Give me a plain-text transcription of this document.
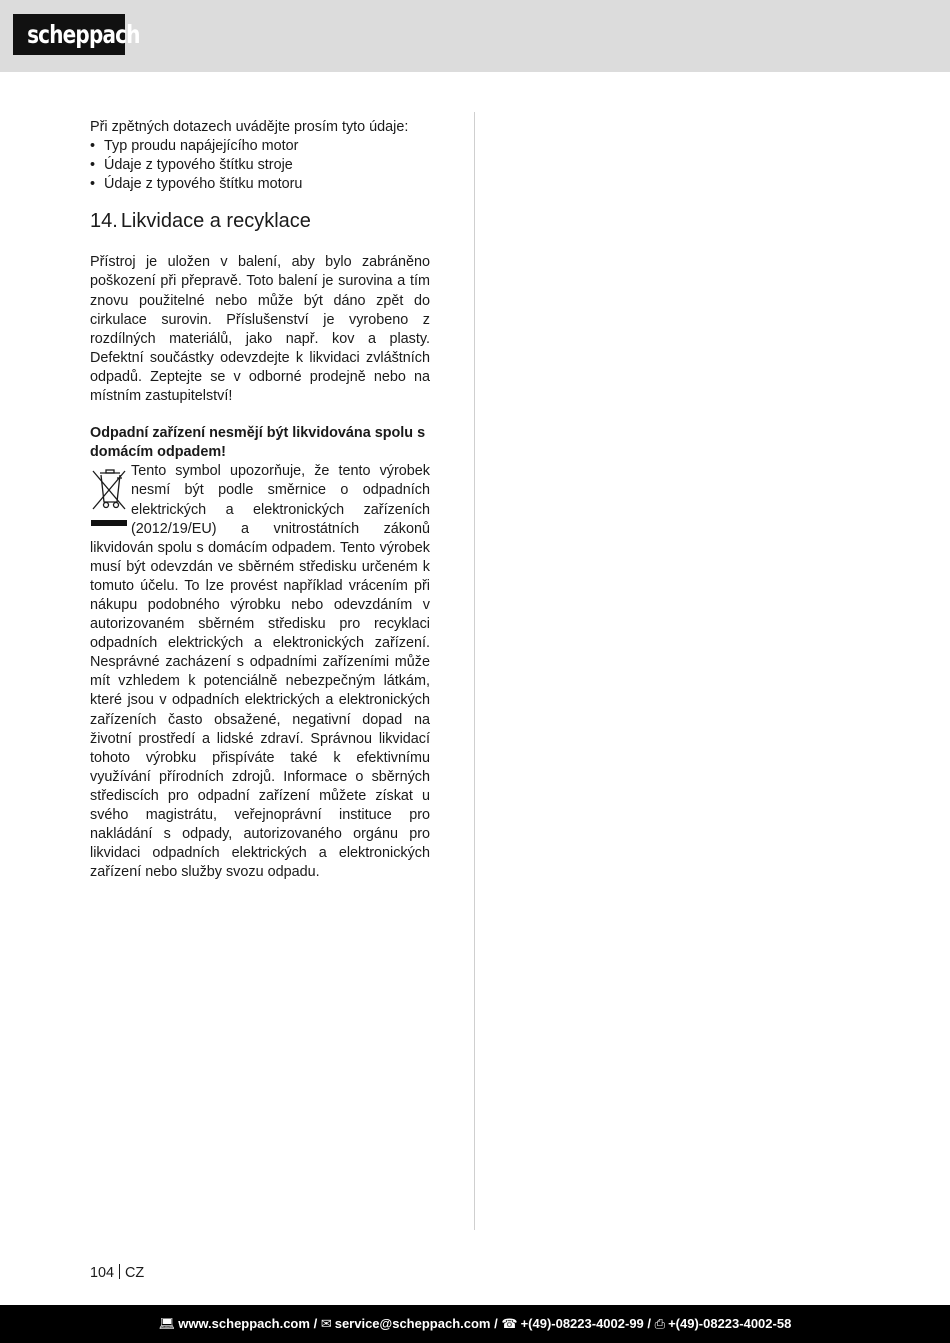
scheppach

Při zpětných dotazech uvádějte prosím tyto údaje:

• Typ proudu napájejícího motor
• Údaje z typového štítku stroje
• Údaje z typového štítku motoru
14. Likvidace a recyklace

Přístroj je uložen v balení, aby bylo zabráněno poškození při přepravě. Toto balení je surovina a tím znovu použitelné nebo může být dáno zpět do cirkulace surovin. Příslušenství je vyrobeno z rozdílných materiálů, jako např. kov a plasty. Defektní součástky odevzdejte k likvidaci zvláštních odpadů. Zeptejte se v odborné prodejně nebo na místním zastupitelství!

Odpadní zařízení nesmějí být likvidována spolu s domácím odpadem!

Tento symbol upozorňuje, že tento výrobek nesmí být podle směrnice o odpadních elektrických a elektronických zařízeních (2012/19/EU) a vnitrostátních zákonů likvidován spolu s domácím odpadem. Tento výrobek musí být odevzdán ve sběrném středisku určeném k tomuto účelu. To lze provést například vrácením při nákupu podobného výrobku nebo odevzdáním v autorizovaném sběrném středisku pro recyklaci odpadních elektrických a elektronických zařízení. Nesprávné zacházení s odpadními zařízeními může mít vzhledem k potenciálně nebezpečným látkám, které jsou v odpadních elektrických a elektronických zařízeních často obsažené, negativní dopad na životní prostředí a lidské zdraví. Správnou likvidací tohoto výrobku přispíváte také k efektivnímu využívání přírodních zdrojů. Informace o sběrných střediscích pro odpadní zařízení můžete získat u svého magistrátu, veřejnoprávní instituce pro nakládání s odpady, autorizovaného orgánu pro likvidaci odpadních elektrických a elektronických zařízení nebo služby svozu odpadu.

104 CZ
💻︎ www.scheppach.com / ✉︎ service@scheppach.com / ☎︎ +(49)-08223-4002-99 / ⎙ +(49)-08223-4002-58
